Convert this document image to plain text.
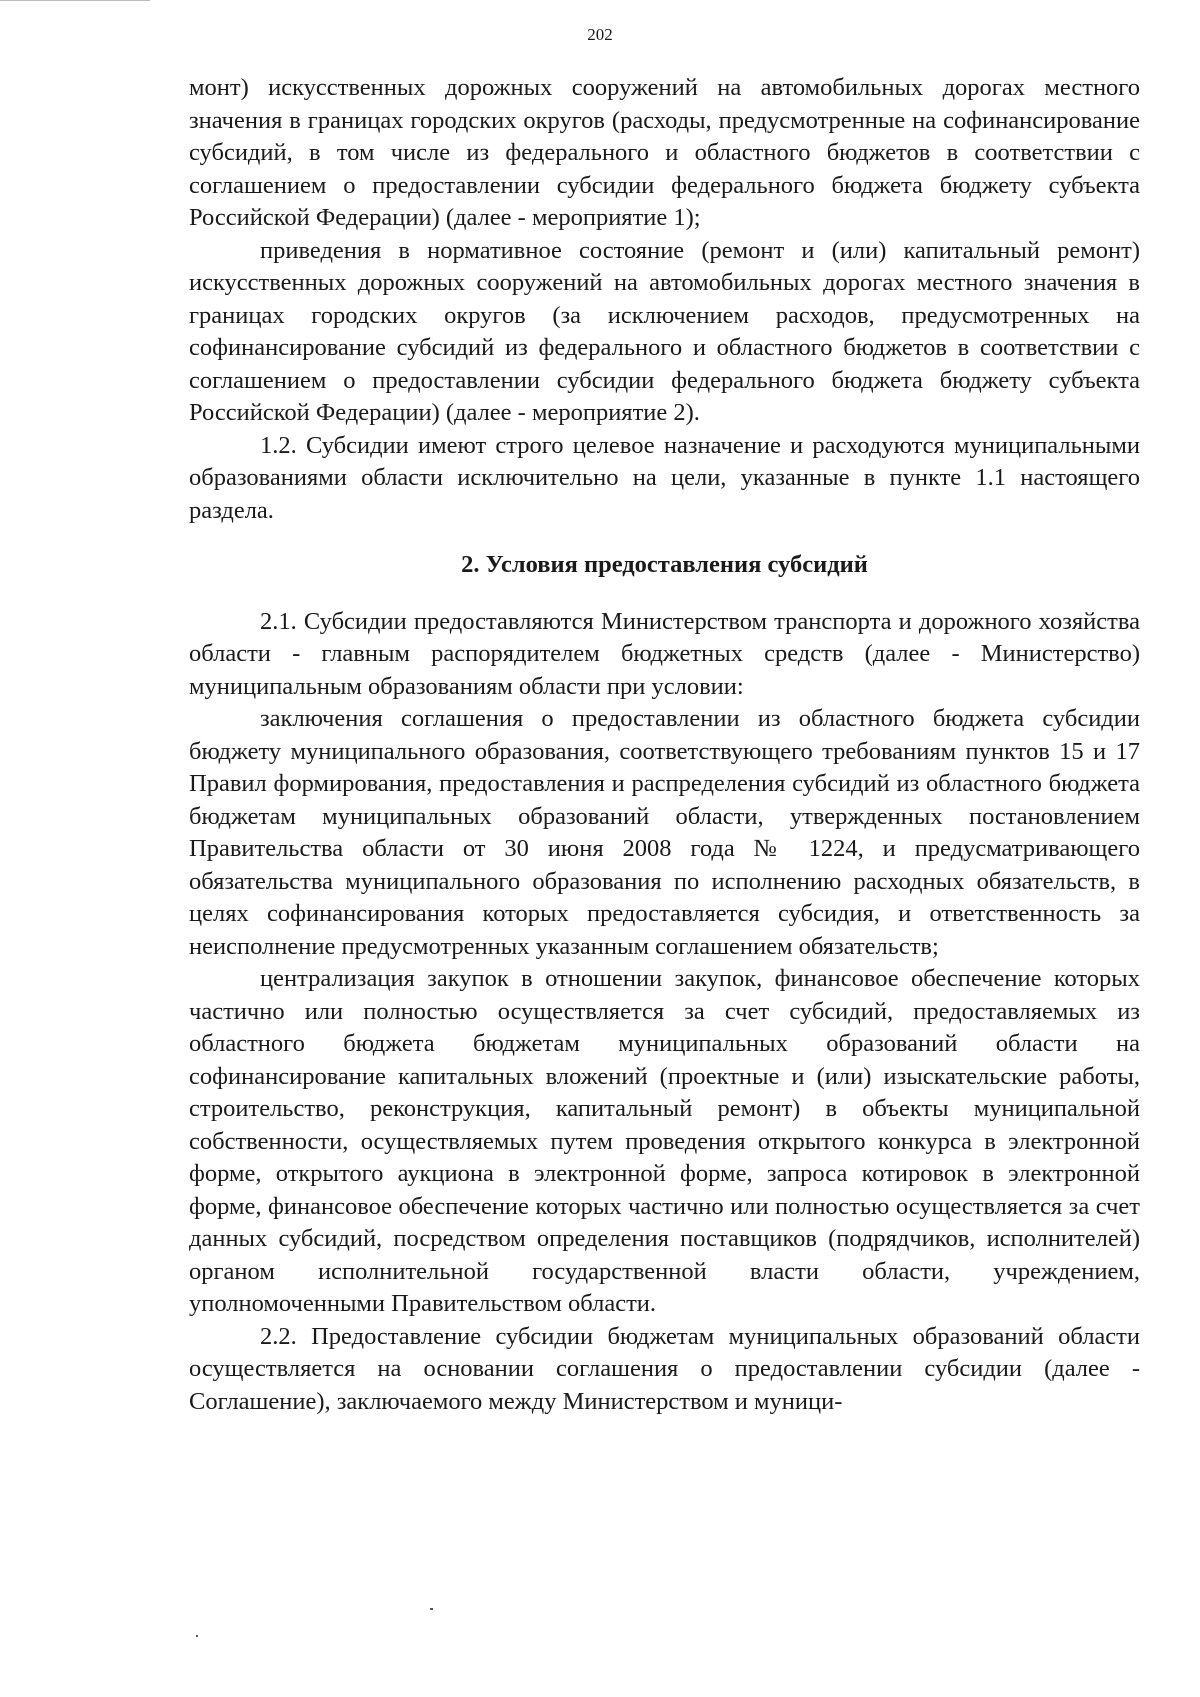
202

монт) искусственных дорожных сооружений на автомобильных дорогах местного значения в границах городских округов (расходы, предусмотренные на софинансирование субсидий, в том числе из федерального и областного бюджетов в соответствии с соглашением о предоставлении субсидии федерального бюджета бюджету субъекта Российской Федерации) (далее - мероприятие 1);

приведения в нормативное состояние (ремонт и (или) капитальный ремонт) искусственных дорожных сооружений на автомобильных дорогах местного значения в границах городских округов (за исключением расходов, предусмотренных на софинансирование субсидий из федерального и областного бюджетов в соответствии с соглашением о предоставлении субсидии федерального бюджета бюджету субъекта Российской Федерации) (далее - мероприятие 2).

1.2. Субсидии имеют строго целевое назначение и расходуются муниципальными образованиями области исключительно на цели, указанные в пункте 1.1 настоящего раздела.

2. Условия предоставления субсидий

2.1. Субсидии предоставляются Министерством транспорта и дорожного хозяйства области - главным распорядителем бюджетных средств (далее - Министерство) муниципальным образованиям области при условии:

заключения соглашения о предоставлении из областного бюджета субсидии бюджету муниципального образования, соответствующего требованиям пунктов 15 и 17 Правил формирования, предоставления и распределения субсидий из областного бюджета бюджетам муниципальных образований области, утвержденных постановлением Правительства области от 30 июня 2008 года № 1224, и предусматривающего обязательства муниципального образования по исполнению расходных обязательств, в целях софинансирования которых предоставляется субсидия, и ответственность за неисполнение предусмотренных указанным соглашением обязательств;

централизация закупок в отношении закупок, финансовое обеспечение которых частично или полностью осуществляется за счет субсидий, предоставляемых из областного бюджета бюджетам муниципальных образований области на софинансирование капитальных вложений (проектные и (или) изыскательские работы, строительство, реконструкция, капитальный ремонт) в объекты муниципальной собственности, осуществляемых путем проведения открытого конкурса в электронной форме, открытого аукциона в электронной форме, запроса котировок в электронной форме, финансовое обеспечение которых частично или полностью осуществляется за счет данных субсидий, посредством определения поставщиков (подрядчиков, исполнителей) органом исполнительной государственной власти области, учреждением, уполномоченными Правительством области.

2.2. Предоставление субсидии бюджетам муниципальных образований области осуществляется на основании соглашения о предоставлении субсидии (далее - Соглашение), заключаемого между Министерством и муници-
